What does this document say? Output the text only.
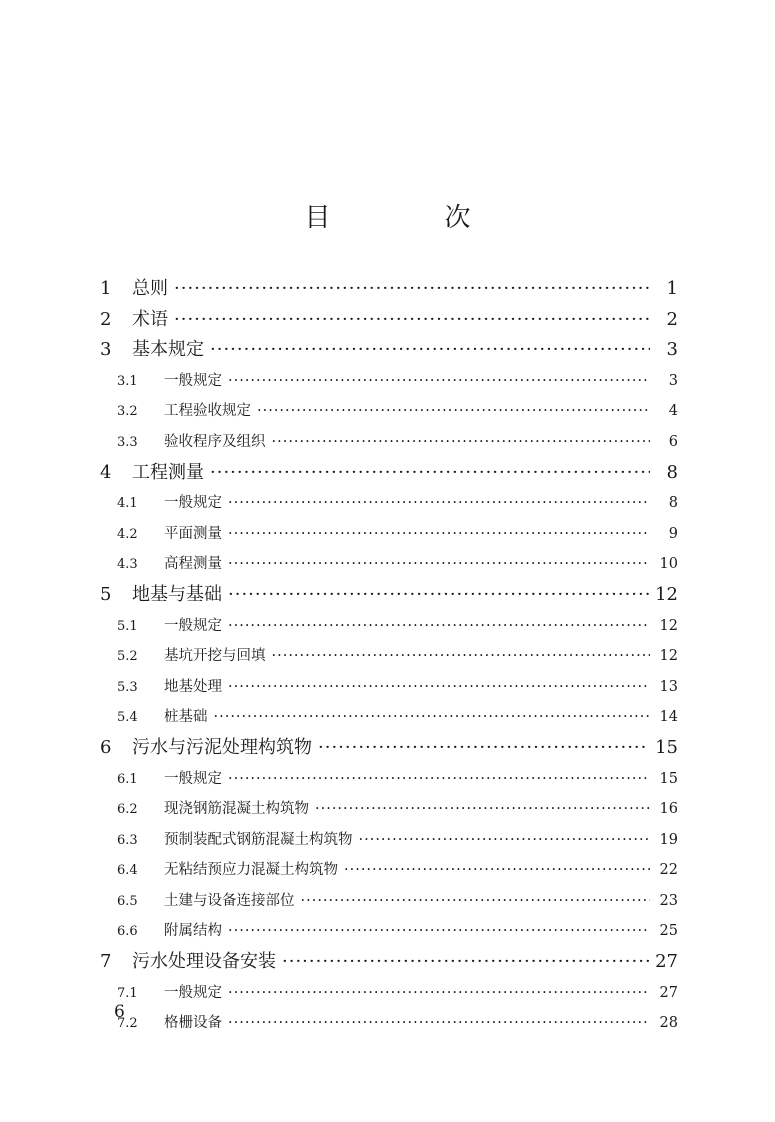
目　次
1	总则 ·····	1
2	术语 ·····	2
3	基本规定 ·····	3
3.1	一般规定 ·····	3
3.2	工程验收规定 ·····	4
3.3	验收程序及组织 ·····	6
4	工程测量 ·····	8
4.1	一般规定 ·····	8
4.2	平面测量 ·····	9
4.3	高程测量 ·····	10
5	地基与基础 ·····	12
5.1	一般规定 ·····	12
5.2	基坑开挖与回填 ·····	12
5.3	地基处理 ·····	13
5.4	桩基础 ·····	14
6	污水与污泥处理构筑物 ·····	15
6.1	一般规定 ·····	15
6.2	现浇钢筋混凝土构筑物 ·····	16
6.3	预制装配式钢筋混凝土构筑物 ·····	19
6.4	无粘结预应力混凝土构筑物 ·····	22
6.5	土建与设备连接部位 ·····	23
6.6	附属结构 ·····	25
7	污水处理设备安装 ·····	27
7.1	一般规定 ·····	27
7.2	格栅设备 ·····	28
6
